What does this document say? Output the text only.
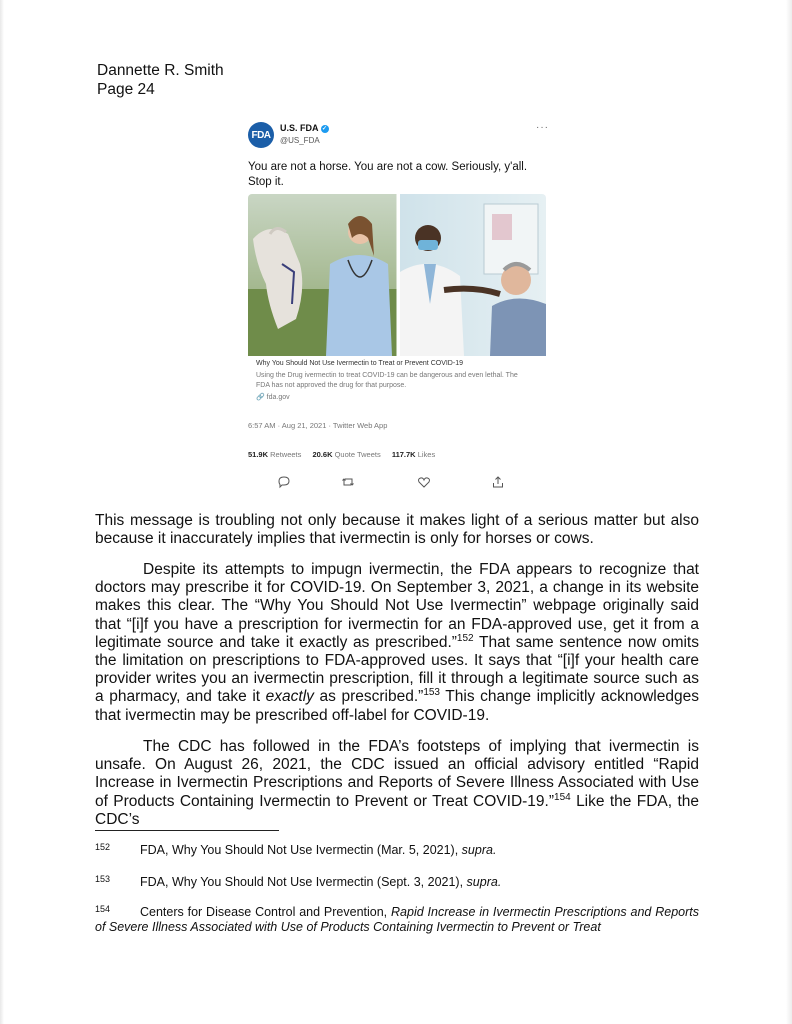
Dannette R. Smith
Page 24
FDA
U.S. FDA ✓
@US_FDA
···
You are not a horse. You are not a cow. Seriously, y'all. Stop it.
Why You Should Not Use Ivermectin to Treat or Prevent COVID-19
Using the Drug ivermectin to treat COVID-19 can be dangerous and even lethal. The FDA has not approved the drug for that purpose.
🔗 fda.gov
6:57 AM · Aug 21, 2021 · Twitter Web App
51.9K Retweets 20.6K Quote Tweets 117.7K Likes

This message is troubling not only because it makes light of a serious matter but also because it inaccurately implies that ivermectin is only for horses or cows.

Despite its attempts to impugn ivermectin, the FDA appears to recognize that doctors may prescribe it for COVID-19. On September 3, 2021, a change in its website makes this clear. The “Why You Should Not Use Ivermectin” webpage originally said that “[i]f you have a prescription for ivermectin for an FDA-approved use, get it from a legitimate source and take it exactly as prescribed.”$^{152}$ That same sentence now omits the limitation on prescriptions to FDA-approved uses. It says that “[i]f your health care provider writes you an ivermectin prescription, fill it through a legitimate source such as a pharmacy, and take it exactly as prescribed.”$^{153}$ This change implicitly acknowledges that ivermectin may be prescribed off-label for COVID-19.

The CDC has followed in the FDA’s footsteps of implying that ivermectin is unsafe. On August 26, 2021, the CDC issued an official advisory entitled “Rapid Increase in Ivermectin Prescriptions and Reports of Severe Illness Associated with Use of Products Containing Ivermectin to Prevent or Treat COVID-19.”$^{154}$ Like the FDA, the CDC’s

152 FDA, Why You Should Not Use Ivermectin (Mar. 5, 2021), supra.
153 FDA, Why You Should Not Use Ivermectin (Sept. 3, 2021), supra.
154 Centers for Disease Control and Prevention, Rapid Increase in Ivermectin Prescriptions and Reports of Severe Illness Associated with Use of Products Containing Ivermectin to Prevent or Treat
